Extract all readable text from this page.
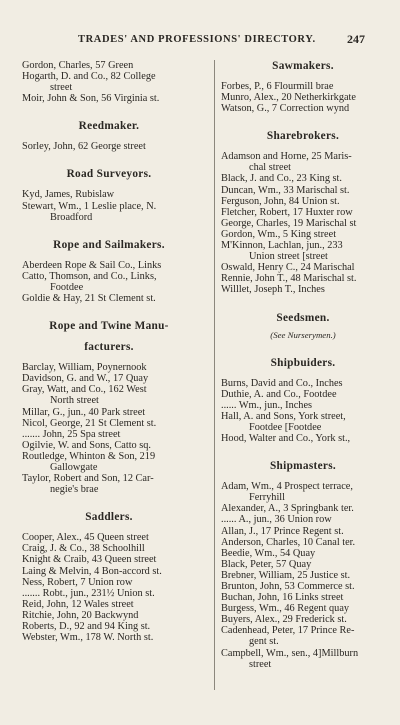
TRADES' AND PROFESSIONS' DIRECTORY.	247
Gordon, Charles, 57 Green
Hogarth, D. and Co., 82 College
street
Moir, John & Son, 56 Virginia st.
Reedmaker.
Sorley, John, 62 George street
Road Surveyors.
Kyd, James, Rubislaw
Stewart, Wm., 1 Leslie place, N.
Broadford
Rope and Sailmakers.
Aberdeen Rope & Sail Co., Links
Catto, Thomson, and Co., Links,
Footdee
Goldie & Hay, 21 St Clement st.
Rope and Twine Manu-
facturers.
Barclay, William, Poynernook
Davidson, G. and W., 17 Quay
Gray, Watt, and Co., 162 West
North street
Millar, G., jun., 40 Park street
Nicol, George, 21 St Clement st.
....... John, 25 Spa street
Ogilvie, W. and Sons, Catto sq.
Routledge, Whinton & Son, 219
Gallowgate
Taylor, Robert and Son, 12 Car-
negie's brae
Saddlers.
Cooper, Alex., 45 Queen street
Craig, J. & Co., 38 Schoolhill
Knight & Craib, 43 Queen street
Laing & Melvin, 4 Bon-accord st.
Ness, Robert, 7 Union row
....... Robt., jun., 231½ Union st.
Reid, John, 12 Wales street
Ritchie, John, 20 Backwynd
Roberts, D., 92 and 94 King st.
Webster, Wm., 178 W. North st.
Sawmakers.
Forbes, P., 6 Flourmill brae
Munro, Alex., 20 Netherkirkgate
Watson, G., 7 Correction wynd
Sharebrokers.
Adamson and Horne, 25 Maris-
chal street
Black, J. and Co., 23 King st.
Duncan, Wm., 33 Marischal st.
Ferguson, John, 84 Union st.
Fletcher, Robert, 17 Huxter row
George, Charles, 19 Marischal st
Gordon, Wm., 5 King street
M'Kinnon, Lachlan, jun., 233
Union street [street
Oswald, Henry C., 24 Marischal
Rennie, John T., 48 Marischal st.
Willlet, Joseph T., Inches
Seedsmen.
(See Nurserymen.)
Shipbuiders.
Burns, David and Co., Inches
Duthie, A. and Co., Footdee
...... Wm., jun., Inches
Hall, A. and Sons, York street,
Footdee [Footdee
Hood, Walter and Co., York st.,
Shipmasters.
Adam, Wm., 4 Prospect terrace,
Ferryhill
Alexander, A., 3 Springbank ter.
...... A., jun., 36 Union row
Allan, J., 17 Prince Regent st.
Anderson, Charles, 10 Canal ter.
Beedie, Wm., 54 Quay
Black, Peter, 57 Quay
Brebner, William, 25 Justice st.
Brunton, John, 53 Commerce st.
Buchan, John, 16 Links street
Burgess, Wm., 46 Regent quay
Buyers, Alex., 29 Frederick st.
Cadenhead, Peter, 17 Prince Re-
gent st.
Campbell, Wm., sen., 4]Millburn
street
